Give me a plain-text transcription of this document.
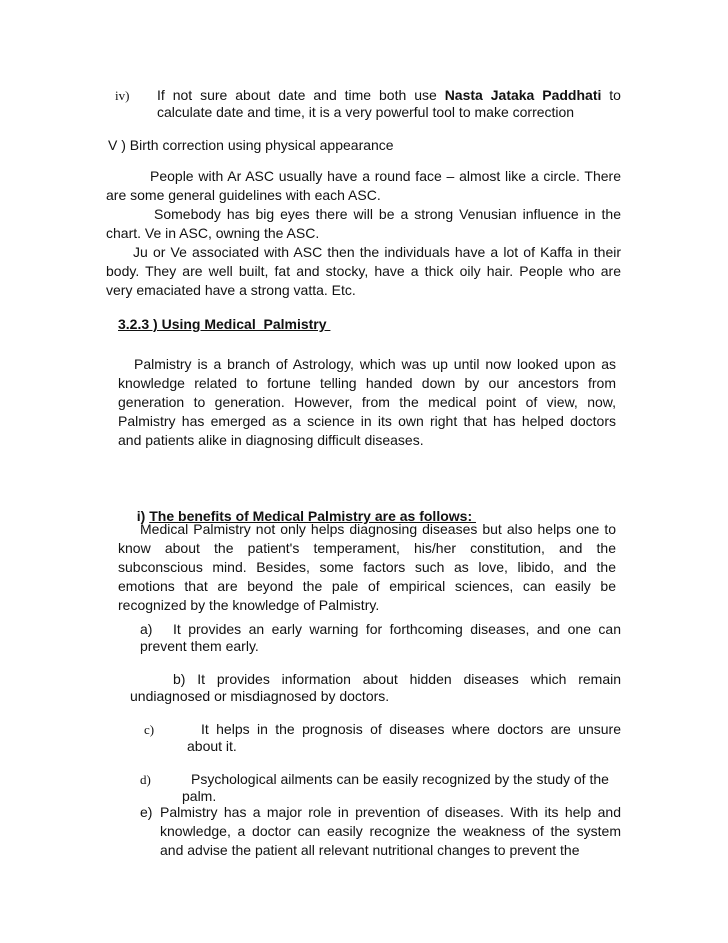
iv) If not sure about date and time both use Nasta Jataka Paddhati to
calculate date and time, it is a very powerful tool to make correction
V ) Birth correction using physical appearance
People with Ar ASC usually have a round face – almost like a circle. There
are some general guidelines with each ASC.
Somebody has big eyes there will be a strong Venusian influence in the
chart. Ve in ASC, owning the ASC.
Ju or Ve associated with ASC then the individuals have a lot of Kaffa in their
body. They are well built, fat and stocky, have a thick oily hair. People who are
very emaciated have a strong vatta. Etc.
3.2.3 ) Using Medical  Palmistry
Palmistry is a branch of Astrology, which was up until now looked upon as
knowledge related to fortune telling handed down by our ancestors from
generation to generation. However, from the medical point of view, now,
Palmistry has emerged as a science in its own right that has helped doctors
and patients alike in diagnosing difficult diseases.

i) The benefits of Medical Palmistry are as follows:

Medical Palmistry not only helps diagnosing diseases but also helps one to
know about the patient's temperament, his/her constitution, and the
subconscious mind. Besides, some factors such as love, libido, and the
emotions that are beyond the pale of empirical sciences, can easily be
recognized by the knowledge of Palmistry.
a) It provides an early warning for forthcoming diseases, and one can
prevent them early.
b) It provides information about hidden diseases which remain
undiagnosed or misdiagnosed by doctors.
c)	It helps in the prognosis of diseases where doctors are unsure
about it.
d)	Psychological ailments can be easily recognized by the study of the
palm.
e) Palmistry has a major role in prevention of diseases. With its help and
knowledge, a doctor can easily recognize the weakness of the system
and advise the patient all relevant nutritional changes to prevent the
